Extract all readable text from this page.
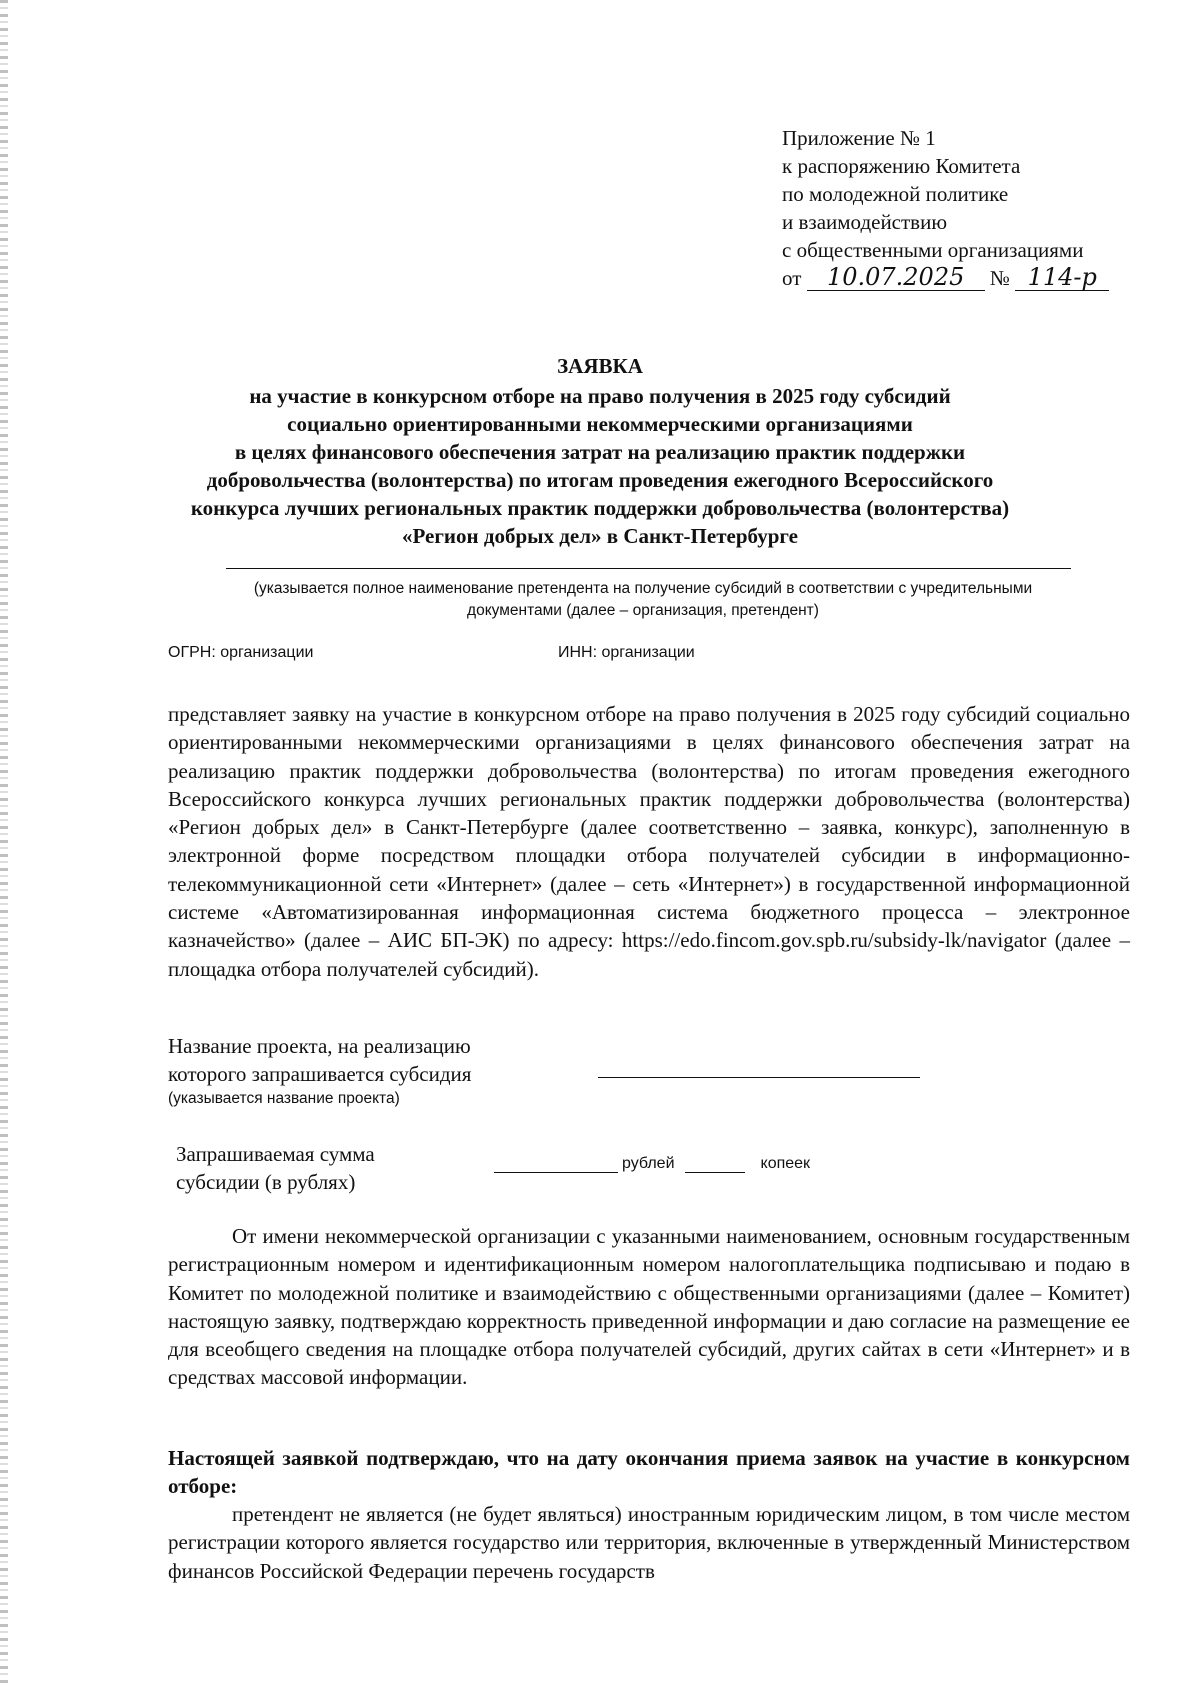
Приложение № 1
к распоряжению Комитета
по молодежной политике
и взаимодействию
с общественными организациями
от 10.07.2025 № 114-р
ЗАЯВКА
на участие в конкурсном отборе на право получения в 2025 году субсидий
социально ориентированными некоммерческими организациями
в целях финансового обеспечения затрат на реализацию практик поддержки
добровольчества (волонтерства) по итогам проведения ежегодного Всероссийского
конкурса лучших региональных практик поддержки добровольчества (волонтерства)
«Регион добрых дел» в Санкт-Петербурге
(указывается полное наименование претендента на получение субсидий в соответствии с учредительными
документами (далее – организация, претендент)
ОГРН: организации	ИНН: организации
представляет заявку на участие в конкурсном отборе на право получения в 2025 году субсидий социально ориентированными некоммерческими организациями в целях финансового обеспечения затрат на реализацию практик поддержки добровольчества (волонтерства) по итогам проведения ежегодного Всероссийского конкурса лучших региональных практик поддержки добровольчества (волонтерства) «Регион добрых дел» в Санкт-Петербурге (далее соответственно – заявка, конкурс), заполненную в электронной форме посредством площадки отбора получателей субсидии в информационно-телекоммуникационной сети «Интернет» (далее – сеть «Интернет») в государственной информационной системе «Автоматизированная информационная система бюджетного процесса – электронное казначейство» (далее – АИС БП-ЭК) по адресу: https://edo.fincom.gov.spb.ru/subsidy-lk/navigator (далее – площадка отбора получателей субсидий).
Название проекта, на реализацию
которого запрашивается субсидия
(указывается название проекта)
Запрашиваемая сумма
субсидии (в рублях)
рублей	копеек
От имени некоммерческой организации с указанными наименованием, основным государственным регистрационным номером и идентификационным номером налогоплательщика подписываю и подаю в Комитет по молодежной политике и взаимодействию с общественными организациями (далее – Комитет) настоящую заявку, подтверждаю корректность приведенной информации и даю согласие на размещение ее для всеобщего сведения на площадке отбора получателей субсидий, других сайтах в сети «Интернет» и в средствах массовой информации.
Настоящей заявкой подтверждаю, что на дату окончания приема заявок на участие в конкурсном отборе:
претендент не является (не будет являться) иностранным юридическим лицом, в том числе местом регистрации которого является государство или территория, включенные в утвержденный Министерством финансов Российской Федерации перечень государств
